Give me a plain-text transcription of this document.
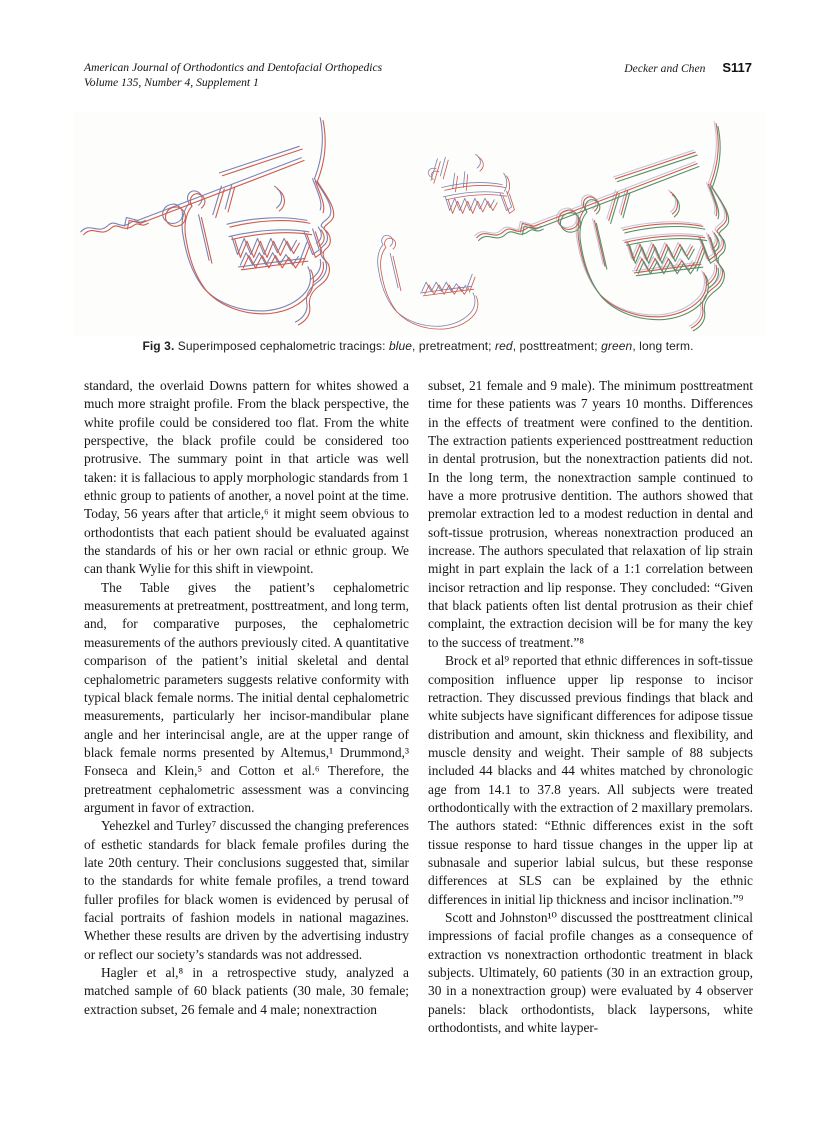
American Journal of Orthodontics and Dentofacial Orthopedics
Volume 135, Number 4, Supplement 1
Decker and Chen S117
Fig 3. Superimposed cephalometric tracings: blue, pretreatment; red, posttreatment; green, long term.

standard, the overlaid Downs pattern for whites showed a much more straight profile. From the black perspective, the white profile could be considered too flat. From the white perspective, the black profile could be considered too protrusive. The summary point in that article was well taken: it is fallacious to apply morphologic standards from 1 ethnic group to patients of another, a novel point at the time. Today, 56 years after that article,⁶ it might seem obvious to orthodontists that each patient should be evaluated against the standards of his or her own racial or ethnic group. We can thank Wylie for this shift in viewpoint.

The Table gives the patient’s cephalometric measurements at pretreatment, posttreatment, and long term, and, for comparative purposes, the cephalometric measurements of the authors previously cited. A quantitative comparison of the patient’s initial skeletal and dental cephalometric parameters suggests relative conformity with typical black female norms. The initial dental cephalometric measurements, particularly her incisor-mandibular plane angle and her interincisal angle, are at the upper range of black female norms presented by Altemus,¹ Drummond,³ Fonseca and Klein,⁵ and Cotton et al.⁶ Therefore, the pretreatment cephalometric assessment was a convincing argument in favor of extraction.

Yehezkel and Turley⁷ discussed the changing preferences of esthetic standards for black female profiles during the late 20th century. Their conclusions suggested that, similar to the standards for white female profiles, a trend toward fuller profiles for black women is evidenced by perusal of facial portraits of fashion models in national magazines. Whether these results are driven by the advertising industry or reflect our society’s standards was not addressed.

Hagler et al,⁸ in a retrospective study, analyzed a matched sample of 60 black patients (30 male, 30 female; extraction subset, 26 female and 4 male; nonextraction

subset, 21 female and 9 male). The minimum posttreatment time for these patients was 7 years 10 months. Differences in the effects of treatment were confined to the dentition. The extraction patients experienced posttreatment reduction in dental protrusion, but the nonextraction patients did not. In the long term, the nonextraction sample continued to have a more protrusive dentition. The authors showed that premolar extraction led to a modest reduction in dental and soft-tissue protrusion, whereas nonextraction produced an increase. The authors speculated that relaxation of lip strain might in part explain the lack of a 1:1 correlation between incisor retraction and lip response. They concluded: “Given that black patients often list dental protrusion as their chief complaint, the extraction decision will be for many the key to the success of treatment.”⁸

Brock et al⁹ reported that ethnic differences in soft-tissue composition influence upper lip response to incisor retraction. They discussed previous findings that black and white subjects have significant differences for adipose tissue distribution and amount, skin thickness and flexibility, and muscle density and weight. Their sample of 88 subjects included 44 blacks and 44 whites matched by chronologic age from 14.1 to 37.8 years. All subjects were treated orthodontically with the extraction of 2 maxillary premolars. The authors stated: “Ethnic differences exist in the soft tissue response to hard tissue changes in the upper lip at subnasale and superior labial sulcus, but these response differences at SLS can be explained by the ethnic differences in initial lip thickness and incisor inclination.”⁹

Scott and Johnston¹⁰ discussed the posttreatment clinical impressions of facial profile changes as a consequence of extraction vs nonextraction orthodontic treatment in black subjects. Ultimately, 60 patients (30 in an extraction group, 30 in a nonextraction group) were evaluated by 4 observer panels: black orthodontists, black laypersons, white orthodontists, and white layper-
